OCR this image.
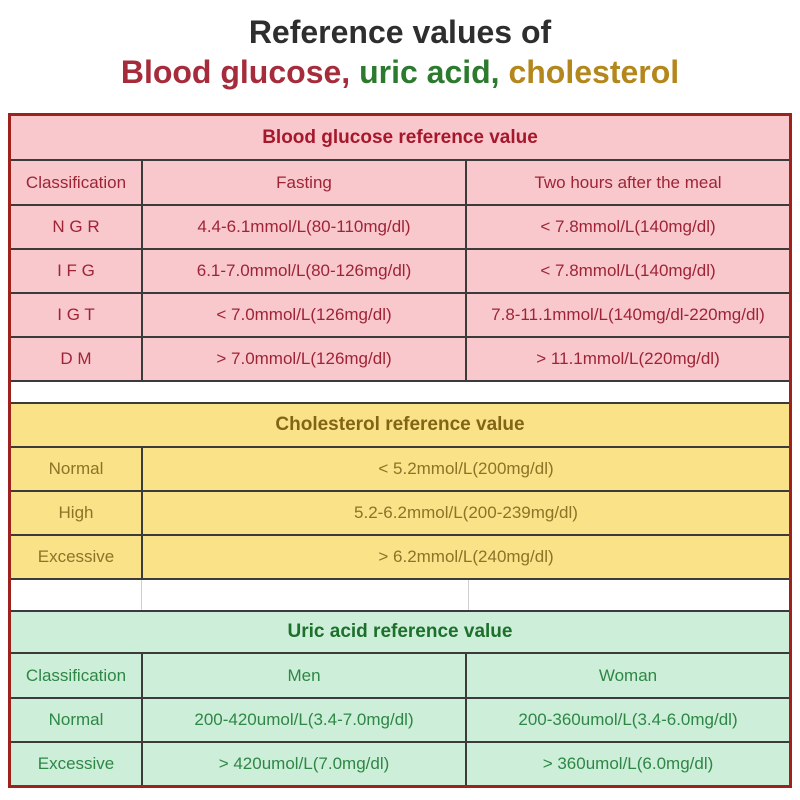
Reference values of
Blood glucose, uric acid, cholesterol
Blood glucose reference value
Classification	Fasting	Two hours after the meal
N G R	4.4-6.1mmol/L(80-110mg/dl)	< 7.8mmol/L(140mg/dl)
I F G	6.1-7.0mmol/L(80-126mg/dl)	< 7.8mmol/L(140mg/dl)
I G T	< 7.0mmol/L(126mg/dl)	7.8-11.1mmol/L(140mg/dl-220mg/dl)
D M	> 7.0mmol/L(126mg/dl)	> 11.1mmol/L(220mg/dl)
Cholesterol reference value
Normal	< 5.2mmol/L(200mg/dl)
High	5.2-6.2mmol/L(200-239mg/dl)
Excessive	> 6.2mmol/L(240mg/dl)
Uric acid reference value
Classification	Men	Woman
Normal	200-420umol/L(3.4-7.0mg/dl)	200-360umol/L(3.4-6.0mg/dl)
Excessive	> 420umol/L(7.0mg/dl)	> 360umol/L(6.0mg/dl)
